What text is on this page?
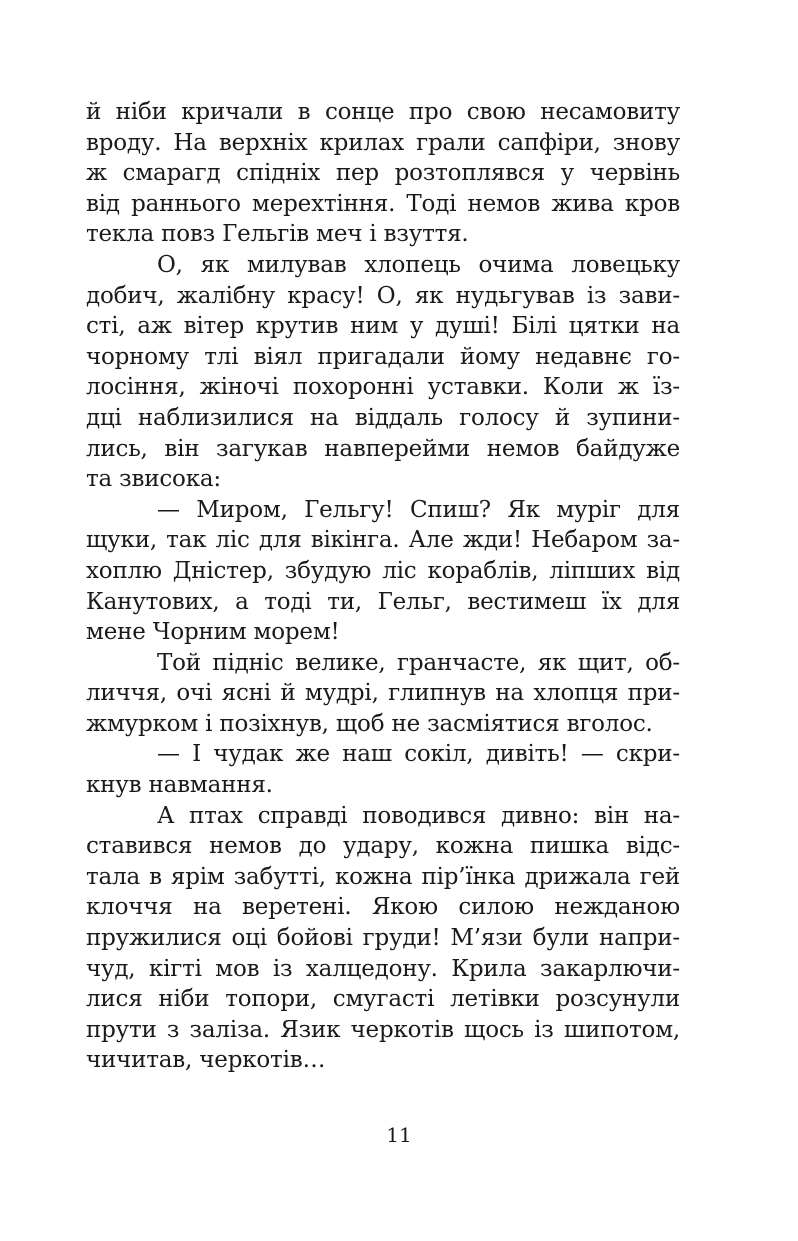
й ніби кричали в сонце про свою несамовиту
вроду. На верхніх крилах грали сапфіри, знову
ж смарагд спідніх пер розтоплявся у червінь
від раннього мерехтіння. Тоді немов жива кров
текла повз Гельгів меч і взуття.
О, як милував хлопець очима ловецьку
добич, жалібну красу! О, як нудьгував із зави-
сті, аж вітер крутив ним у душі! Білі цятки на
чорному тлі віял пригадали йому недавнє го-
лосіння, жіночі похоронні уставки. Коли ж їз-
дці наблизилися на віддаль голосу й зупини-
лись, він загукав навперейми немов байдуже
та звисока:
— Миром, Гельгу! Спиш? Як муріг для
щуки, так ліс для вікінга. Але жди! Небаром за-
хоплю Дністер, збудую ліс кораблів, ліпших від
Канутових, а тоді ти, Гельг, вестимеш їх для
мене Чорним морем!
Той підніс велике, гранчасте, як щит, об-
личчя, очі ясні й мудрі, глипнув на хлопця при-
жмурком і позіхнув, щоб не засміятися вголос.
— І чудак же наш сокіл, дивіть! — скри-
кнув навмання.
А птах справді поводився дивно: він на-
ставився немов до удару, кожна пишка відс-
тала в ярім забутті, кожна пір’їнка дрижала гей
клоччя на веретені. Якою силою нежданою
пружилися оці бойові груди! М’язи були напри-
чуд, кігті мов із халцедону. Крила закарлючи-
лися ніби топори, смугасті летівки розсунули
прути з заліза. Язик черкотів щось із шипотом,
чичитав, черкотів…
11
